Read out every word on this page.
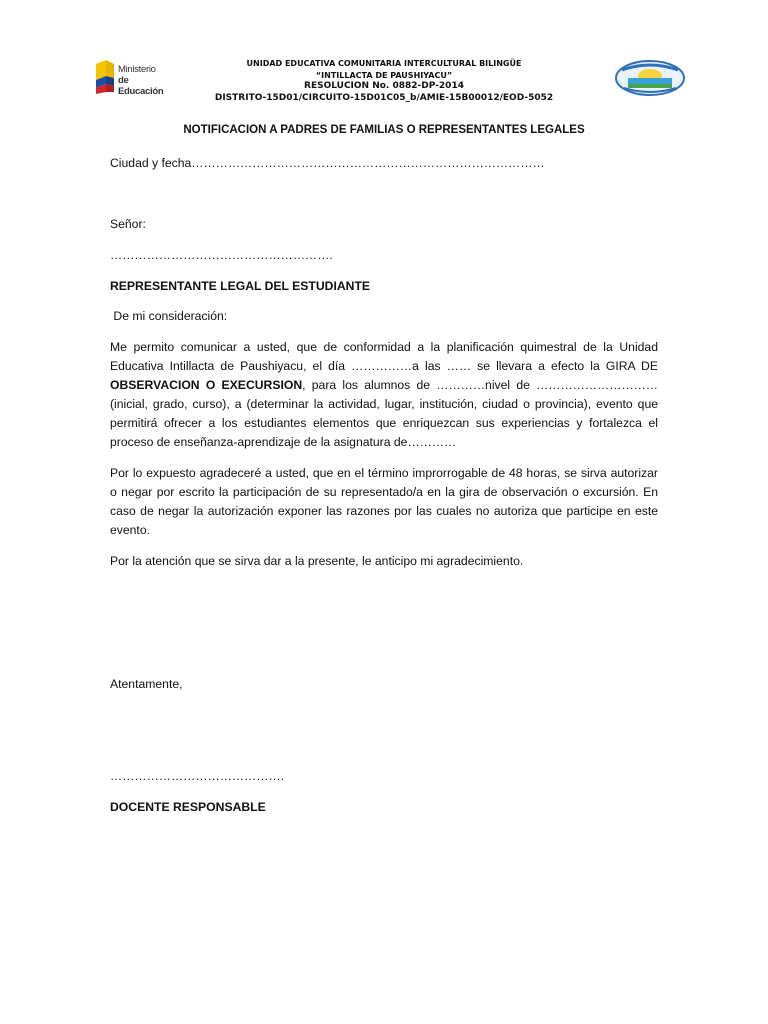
Ministerio
de Educación
UNIDAD EDUCATIVA COMUNITARIA INTERCULTURAL BILINGÜE
“INTILLACTA DE PAUSHIYACU”
RESOLUCION No. 0882-DP-2014
DISTRITO-15D01/CIRCUITO-15D01C05_b/AMIE-15B00012/EOD-5052
NOTIFICACION A PADRES DE FAMILIAS O REPRESENTANTES LEGALES
Ciudad y fecha……………………………………………………………………………
Señor:
……………………………………………….
REPRESENTANTE LEGAL DEL ESTUDIANTE
De mi consideración:
Me permito comunicar a usted, que de conformidad a la planificación quimestral de la Unidad Educativa Intillacta de Paushiyacu, el día ……………a las …… se llevara a efecto la GIRA DE OBSERVACION O EXECURSION, para los alumnos de …………nivel de …………………………(inicial, grado, curso), a (determinar la actividad, lugar, institución, ciudad o provincia), evento que permitirá ofrecer a los estudiantes elementos que enriquezcan sus experiencias y fortalezca el proceso de enseñanza-aprendizaje de la asignatura de…………
Por lo expuesto agradeceré a usted, que en el término improrrogable de 48 horas, se sirva autorizar o negar por escrito la participación de su representado/a en la gira de observación o excursión. En caso de negar la autorización exponer las razones por las cuales no autoriza que participe en este evento.
Por la atención que se sirva dar a la presente, le anticipo mi agradecimiento.
Atentamente,
…………………………………….
DOCENTE RESPONSABLE
